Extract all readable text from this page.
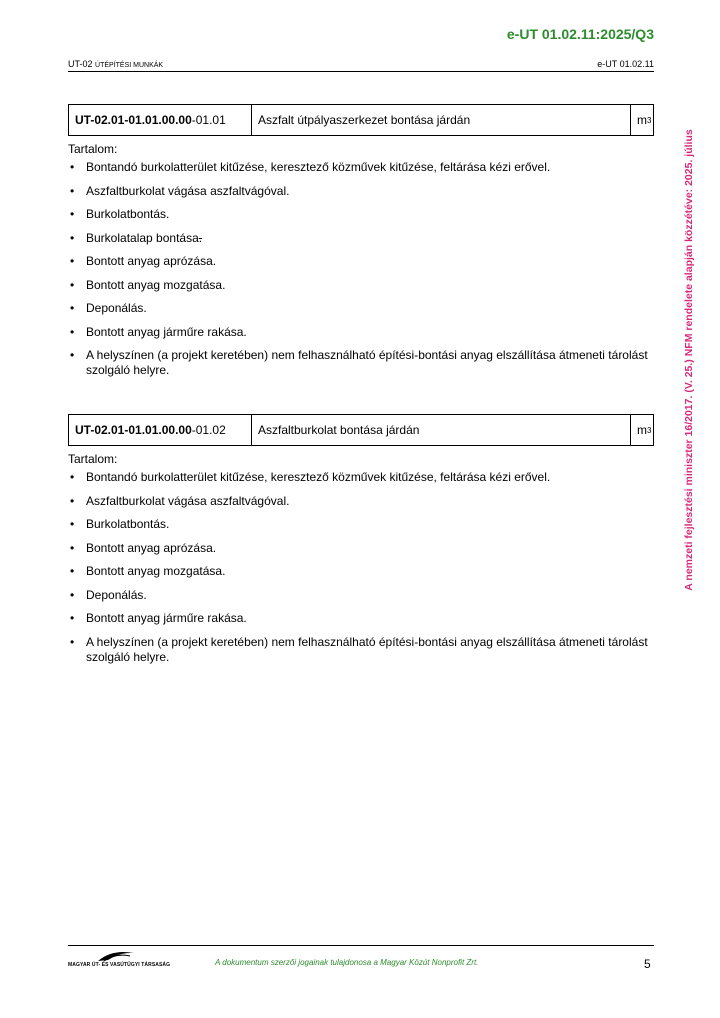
e-UT 01.02.11:2025/Q3
UT-02 ÚTÉPÍTÉSI MUNKÁK	e-UT 01.02.11
UT-02.01-01.01.00.00 -01.01	Aszfalt útpályaszerkezet bontása járdán	m 3
Tartalom:
• Bontandó burkolatterület kitűzése, keresztező közművek kitűzése, feltárása kézi erővel.
• Aszfaltburkolat vágása aszfaltvágóval.
• Burkolatbontás.
• Burkolatalap bontása.
• Bontott anyag aprózása.
• Bontott anyag mozgatása.
• Deponálás.
• Bontott anyag járműre rakása.
• A helyszínen (a projekt keretében) nem felhasználható építési-bontási anyag elszállítása átmeneti tárolást szolgáló helyre.
UT-02.01-01.01.00.00 -01.02	Aszfaltburkolat bontása járdán	m 3
Tartalom:
• Bontandó burkolatterület kitűzése, keresztező közművek kitűzése, feltárása kézi erővel.
• Aszfaltburkolat vágása aszfaltvágóval.
• Burkolatbontás.
• Bontott anyag aprózása.
• Bontott anyag mozgatása.
• Deponálás.
• Bontott anyag járműre rakása.
• A helyszínen (a projekt keretében) nem felhasználható építési-bontási anyag elszállítása átmeneti tárolást szolgáló helyre.
A nemzeti fejlesztési miniszter 16/2017. (V. 25.) NFM rendelete alapján közzétéve: 2025. július
MAGYAR ÚT- ÉS VASÚTÜGYI TÁRSASÁG	A dokumentum szerzői jogainak tulajdonosa a Magyar Közút Nonprofit Zrt.	5
